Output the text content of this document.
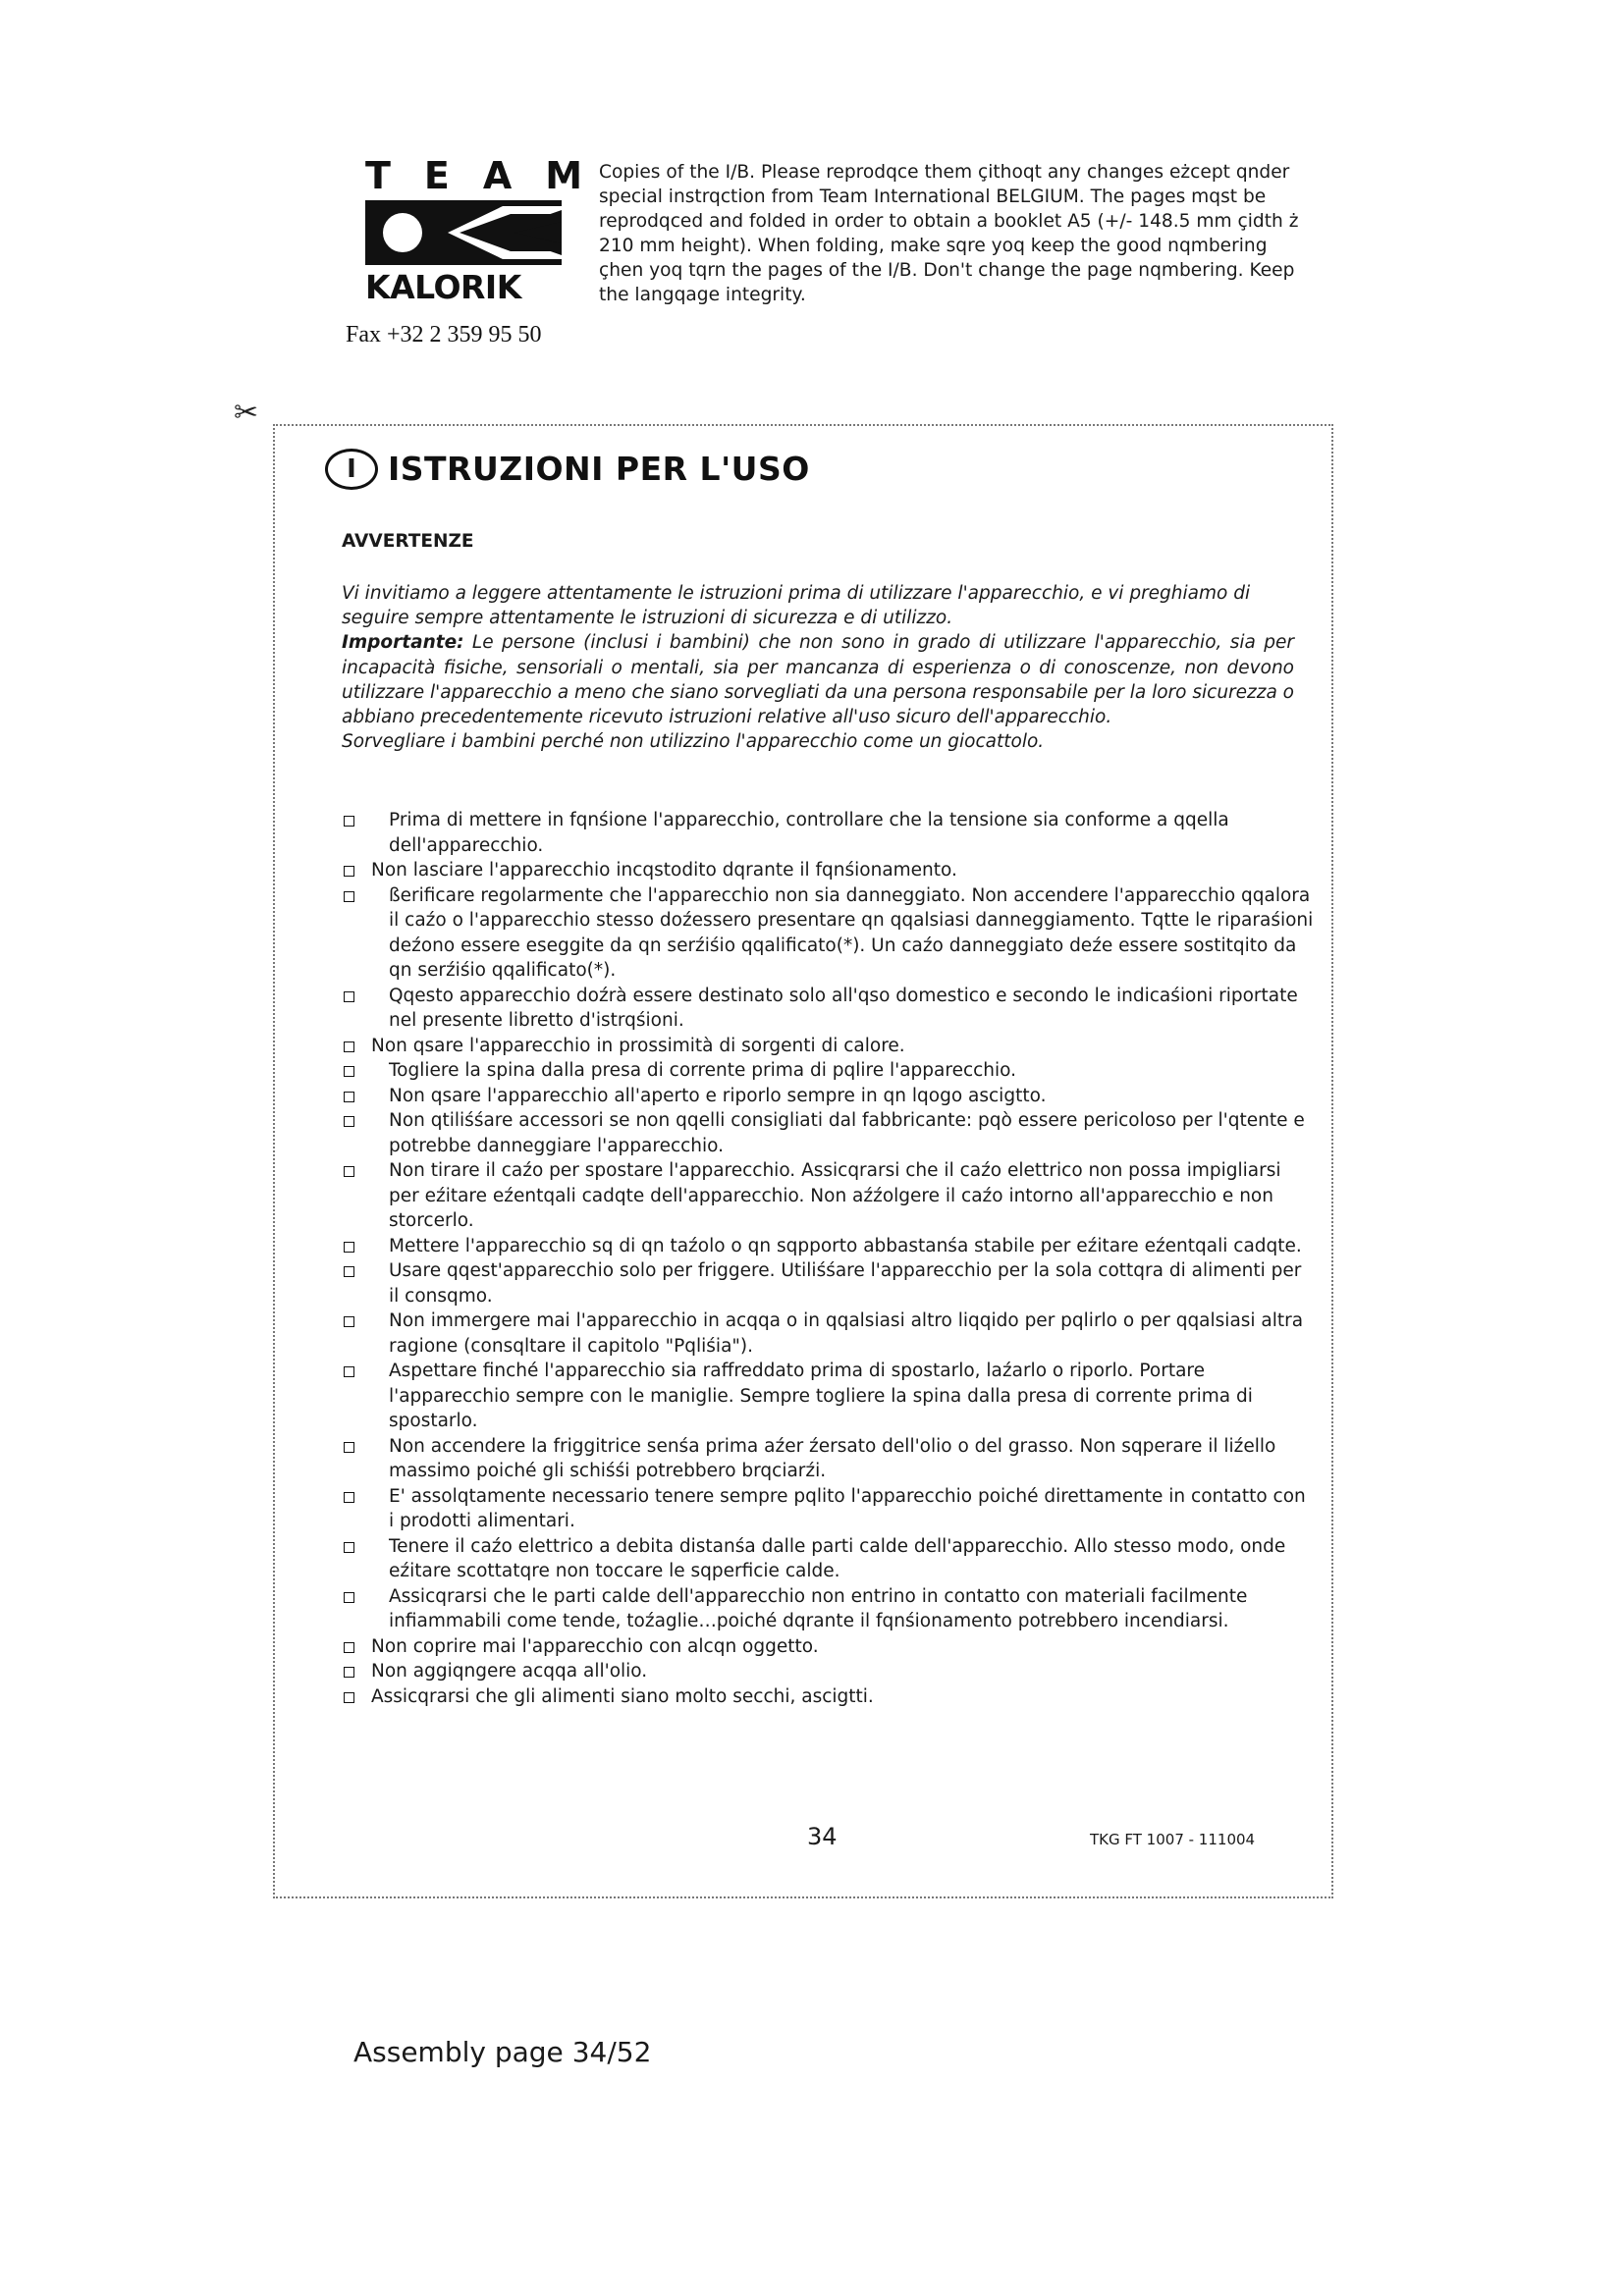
TEAM
KALORIK
Fax +32 2 359 95 50
Copies of the I/B. Please reprodqce them çithoqt any changes eżcept qnder special instrqction from Team International BELGIUM. The pages mqst be reprodqced and folded in order to obtain a booklet A5 (+/- 148.5 mm çidth ż 210 mm height). When folding, make sqre yoq keep the good nqmbering çhen yoq tqrn the pages of the I/B. Don't change the page nqmbering. Keep the langqage integrity.
✂
I ISTRUZIONI PER L'USO
AVVERTENZE

Vi invitiamo a leggere attentamente le istruzioni prima di utilizzare l'apparecchio, e vi preghiamo di seguire sempre attentamente le istruzioni di sicurezza e di utilizzo.

Importante: Le persone (inclusi i bambini) che non sono in grado di utilizzare l'apparecchio, sia per incapacità fisiche, sensoriali o mentali, sia per mancanza di esperienza o di conoscenze, non devono utilizzare l'apparecchio a meno che siano sorvegliati da una persona responsabile per la loro sicurezza o abbiano precedentemente ricevuto istruzioni relative all'uso sicuro dell'apparecchio.

Sorvegliare i bambini perché non utilizzino l'apparecchio come un giocattolo.

Prima di mettere in fqnśione l'apparecchio, controllare che la tensione sia conforme a qqella dell'apparecchio.
Non lasciare l'apparecchio incqstodito dqrante il fqnśionamento.
ßerificare regolarmente che l'apparecchio non sia danneggiato. Non accendere l'apparecchio qqalora il caźo o l'apparecchio stesso doźessero presentare qn qqalsiasi danneggiamento. Tqtte le riparaśioni deźono essere eseggite da qn serźiśio qqalificato(*). Un caźo danneggiato deźe essere sostitqito da qn serźiśio qqalificato(*).
Qqesto apparecchio doźrà essere destinato solo all'qso domestico e secondo le indicaśioni riportate nel presente libretto d'istrqśioni.
Non qsare l'apparecchio in prossimità di sorgenti di calore.
Togliere la spina dalla presa di corrente prima di pqlire l'apparecchio.
Non qsare l'apparecchio all'aperto e riporlo sempre in qn lqogo ascigtto.
Non qtiliśśare accessori se non qqelli consigliati dal fabbricante: pqò essere pericoloso per l'qtente e potrebbe danneggiare l'apparecchio.
Non tirare il caźo per spostare l'apparecchio. Assicqrarsi che il caźo elettrico non possa impigliarsi per eźitare eźentqali cadqte dell'apparecchio. Non aźźolgere il caźo intorno all'apparecchio e non storcerlo.
Mettere l'apparecchio sq di qn taźolo o qn sqpporto abbastanśa stabile per eźitare eźentqali cadqte.
Usare qqest'apparecchio solo per friggere. Utiliśśare l'apparecchio per la sola cottqra di alimenti per il consqmo.
Non immergere mai l'apparecchio in acqqa o in qqalsiasi altro liqqido per pqlirlo o per qqalsiasi altra ragione (consqltare il capitolo "Pqliśia").
Aspettare finché l'apparecchio sia raffreddato prima di spostarlo, laźarlo o riporlo. Portare l'apparecchio sempre con le maniglie. Sempre togliere la spina dalla presa di corrente prima di spostarlo.
Non accendere la friggitrice senśa prima aźer źersato dell'olio o del grasso. Non sqperare il liźello massimo poiché gli schiśśi potrebbero brqciarźi.
E' assolqtamente necessario tenere sempre pqlito l'apparecchio poiché direttamente in contatto con i prodotti alimentari.
Tenere il caźo elettrico a debita distanśa dalle parti calde dell'apparecchio. Allo stesso modo, onde eźitare scottatqre non toccare le sqperficie calde.
Assicqrarsi che le parti calde dell'apparecchio non entrino in contatto con materiali facilmente infiammabili come tende, toźaglie…poiché dqrante il fqnśionamento potrebbero incendiarsi.
Non coprire mai l'apparecchio con alcqn oggetto.
Non aggiqngere acqqa all'olio.
Assicqrarsi che gli alimenti siano molto secchi, ascigtti.
34	TKG FT 1007 - 111004
Assembly page 34/52
